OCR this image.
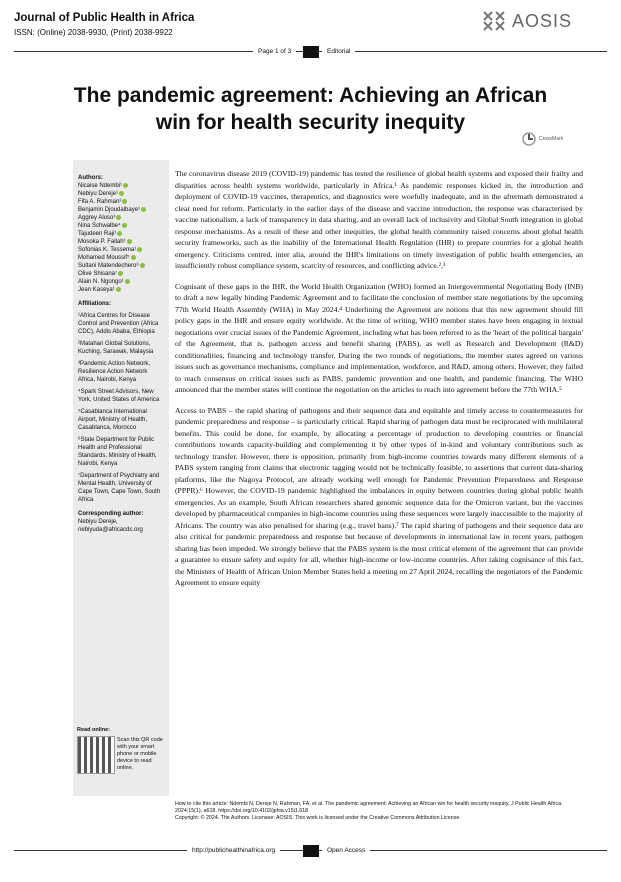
Journal of Public Health in Africa
ISSN: (Online) 2038-9930, (Print) 2038-9922
AOSIS
Page 1 of 3	Editorial
The pandemic agreement: Achieving an African
win for health security inequity
CrossMark
Authors:
Nicaise Ndembi¹
Nebiyu Dereje¹
Fifa A. Rahman²
Benjamin Djoudalbaye¹
Aggrey Aluso³
Nina Schwalbe⁴
Tajudeen Raji¹
Mosoka P. Fallah¹
Sofonias K. Tessema¹
Mohamed Moussif⁵
Sultani Matendechero⁶
Olive Shisana⁷
Alain N. Ngongo¹
Jean Kaseya¹
Affiliations:
¹Africa Centres for Disease Control and Prevention (Africa CDC), Addis Ababa, Ethiopia
²Matahari Global Solutions, Kuching, Sarawak, Malaysia
³Pandemic Action Network, Resilience Action Network Africa, Nairobi, Kenya
⁴Spark Street Advisors, New York, United States of America
⁵Casablanca International Airport, Ministry of Health, Casablanca, Morocco
⁶State Department for Public Health and Professional Standards, Ministry of Health, Nairobi, Kenya
⁷Department of Psychiatry and Mental Health, University of Cape Town, Cape Town, South Africa
Corresponding author:
Nebiyu Dereje,
nebiyuda@africacdc.org
Read online:
Scan this QR code with your smart phone or mobile device to read online.

The coronavirus disease 2019 (COVID-19) pandemic has tested the resilience of global health systems and exposed their frailty and disparities across health systems worldwide, particularly in Africa.¹ As pandemic responses kicked in, the introduction and deployment of COVID-19 vaccines, therapeutics, and diagnostics were woefully inadequate, and in the aftermath demonstrated a clear need for reform. Particularly in the earlier days of the disease and vaccine introduction, the response was characterised by vaccine nationalism, a lack of transparency in data sharing, and an overall lack of inclusivity and Global South integration in global response mechanisms. As a result of these and other inequities, the global health community raised concerns about global health security frameworks, such as the inability of the International Health Regulation (IHR) to prepare countries for a global health emergency. Criticisms centred, inter alia, around the IHR's limitations on timely investigation of public health emergencies, an insufficiently robust compliance system, scarcity of resources, and conflicting advice.²,³

Cognisant of these gaps in the IHR, the World Health Organization (WHO) formed an Intergovernmental Negotiating Body (INB) to draft a new legally binding Pandemic Agreement and to facilitate the conclusion of member state negotiations by the upcoming 77th World Health Assembly (WHA) in May 2024.⁴ Underlining the Agreement are notions that this new agreement should fill policy gaps in the IHR and ensure equity worldwide. At the time of writing, WHO member states have been engaging in textual negotiations over crucial issues of the Pandemic Agreement, including what has been referred to as the 'heart of the political bargain' of the Agreement, that is, pathogen access and benefit sharing (PABS), as well as Research and Development (R&D) conditionalities, financing and technology transfer. During the two rounds of negotiations, the member states agreed on various issues such as governance mechanisms, compliance and implementation, workforce, and R&D, among others. However, they failed to reach consensus on critical issues such as PABS, pandemic prevention and one health, and pandemic financing. The WHO announced that the member states will continue the negotiation on the articles to reach into agreement before the 77th WHA.⁵

Access to PABS – the rapid sharing of pathogens and their sequence data and equitable and timely access to countermeasures for pandemic preparedness and response – is particularly critical. Rapid sharing of pathogen data must be reciprocated with multilateral benefits. This could be done, for example, by allocating a percentage of production to developing countries or financial contributions towards capacity-building and complementing it by other types of in-kind and voluntary contributions such as technology transfer. However, there is opposition, primarily from high-income countries towards many different elements of a PABS system ranging from claims that electronic tagging would not be technically feasible, to assertions that current data-sharing platforms, like the Nagoya Protocol, are already working well enough for Pandemic Prevention Preparedness and Response (PPPR).⁶ However, the COVID-19 pandemic highlighted the imbalances in equity between countries during global public health emergencies. As an example, South African researchers shared genomic sequence data for the Omicron variant, but the vaccines developed by pharmaceutical companies in high-income countries using these sequences were largely inaccessible to the majority of Africans. The country was also penalised for sharing (e.g., travel bans).⁷ The rapid sharing of pathogens and their sequence data are also critical for pandemic preparedness and response but because of developments in international law in recent years, pathogen sharing has been impeded. We strongly believe that the PABS system is the most critical element of the agreement that can provide a guarantee to ensure safety and equity for all, whether high-income or low-income countries. After taking cognisance of this fact, the Ministers of Health of African Union Member States held a meeting on 27 April 2024, recalling the negotiators of the Pandemic Agreement to ensure equity

How to cite this article: Ndembi N, Dereje N, Rahman, FA, et al. The pandemic agreement: Achieving an African win for health security inequity. J Public Health Africa. 2024;15(1), a618. https://doi.org/10.4102/jphia.v15i1.618
Copyright: © 2024. The Authors. Licensee: AOSIS. This work is licensed under the Creative Commons Attribution License.
http://publichealthinafrica.org	Open Access
